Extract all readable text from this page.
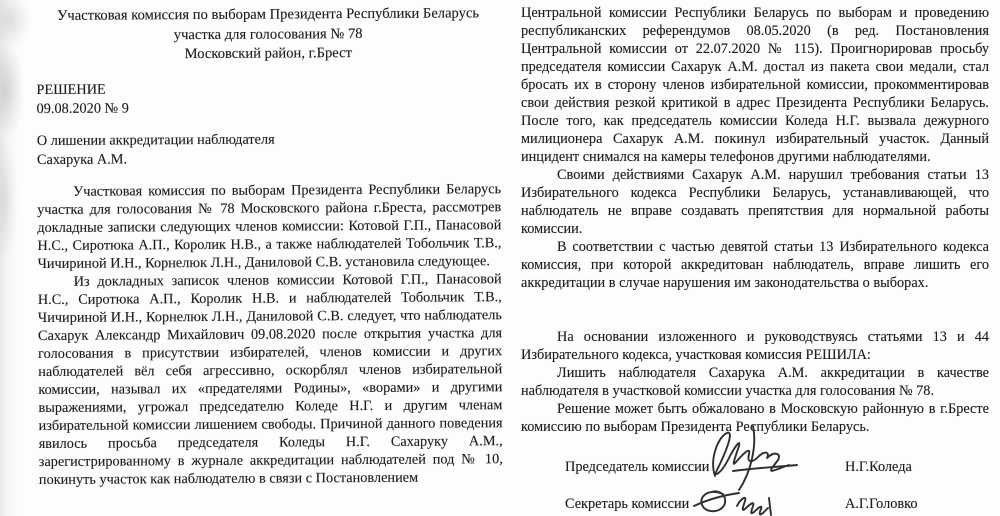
Участковая комиссия по выборам Президента Республики Беларусь
участка для голосования № 78
Московский район, г.Брест
РЕШЕНИЕ
09.08.2020 № 9
О лишении аккредитации наблюдателя
Сахарука А.М.

Участковая комиссия по выборам Президента Республики Беларусь участка для голосования № 78 Московского района г.Бреста, рассмотрев докладные записки следующих членов комиссии: Котовой Г.П., Панасовой Н.С., Сиротюка А.П., Королик Н.В., а также наблюдателей Тобольчик Т.В., Чичириной И.Н., Корнелюк Л.Н., Даниловой С.В. установила следующее.

Из докладных записок членов комиссии Котовой Г.П., Панасовой Н.С., Сиротюка А.П., Королик Н.В. и наблюдателей Тобольчик Т.В., Чичириной И.Н., Корнелюк Л.Н., Даниловой С.В. следует, что наблюдатель Сахарук Александр Михайлович 09.08.2020 после открытия участка для голосования в присутствии избирателей, членов комиссии и других наблюдателей вёл себя агрессивно, оскорблял членов избирательной комиссии, называл их «предателями Родины», «ворами» и другими выражениями, угрожал председателю Коледе Н.Г. и другим членам избирательной комиссии лишением свободы. Причиной данного поведения явилось просьба председателя Коледы Н.Г. Сахаруку А.М., зарегистрированному в журнале аккредитации наблюдателей под № 10, покинуть участок как наблюдателю в связи с Постановлением

Центральной комиссии Республики Беларусь по выборам и проведению республиканских референдумов 08.05.2020 (в ред. Постановления Центральной комиссии от 22.07.2020 № 115). Проигнорировав просьбу председателя комиссии Сахарук А.М. достал из пакета свои медали, стал бросать их в сторону членов избирательной комиссии, прокомментировав свои действия резкой критикой в адрес Президента Республики Беларусь. После того, как председатель комиссии Коледа Н.Г. вызвала дежурного милиционера Сахарук А.М. покинул избирательный участок. Данный инцидент снимался на камеры телефонов другими наблюдателями.

Своими действиями Сахарук А.М. нарушил требования статьи 13 Избирательного кодекса Республики Беларусь, устанавливающей, что наблюдатель не вправе создавать препятствия для нормальной работы комиссии.

В соответствии с частью девятой статьи 13 Избирательного кодекса комиссия, при которой аккредитован наблюдатель, вправе лишить его аккредитации в случае нарушения им законодательства о выборах.

На основании изложенного и руководствуясь статьями 13 и 44 Избирательного кодекса, участковая комиссия РЕШИЛА:

Лишить наблюдателя Сахарука А.М. аккредитации в качестве наблюдателя в участковой комиссии участка для голосования № 78.

Решение может быть обжаловано в Московскую районную в г.Бресте комиссию по выборам Президента Республики Беларусь.

Председатель комиссии	Н.Г.Коледа
Секретарь комиссии	А.Г.Головко
